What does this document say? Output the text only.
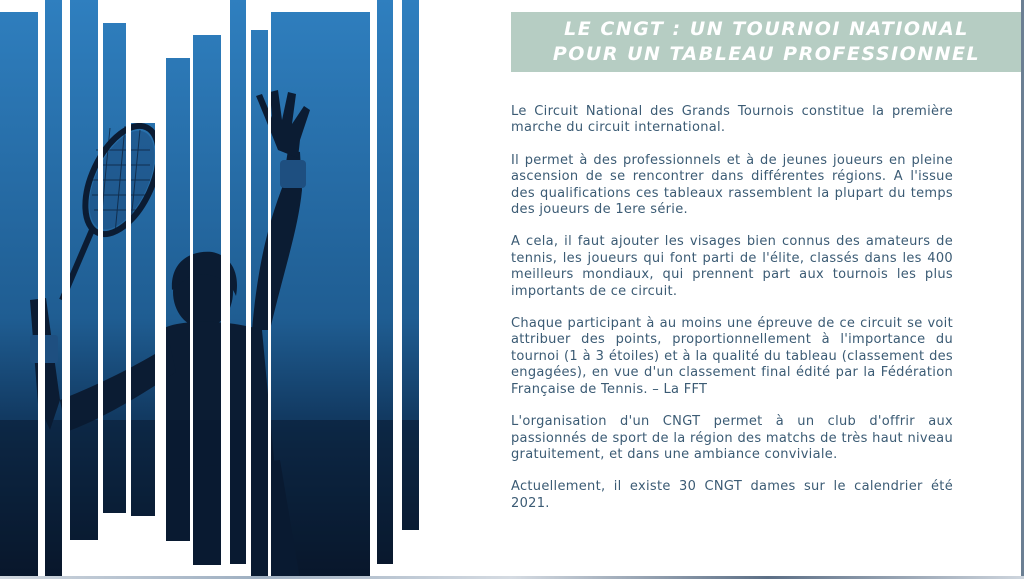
LE CNGT : UN TOURNOI NATIONAL
POUR UN TABLEAU PROFESSIONNEL

Le Circuit National des Grands Tournois constitue la première marche du circuit international.

Il permet à des professionnels et à de jeunes joueurs en pleine ascension de se rencontrer dans différentes régions. A l'issue des qualifications ces tableaux rassemblent la plupart du temps des joueurs de 1ere série.

A cela, il faut ajouter les visages bien connus des amateurs de tennis, les joueurs qui font parti de l'élite, classés dans les 400 meilleurs mondiaux, qui prennent part aux tournois les plus importants de ce circuit.

Chaque participant à au moins une épreuve de ce circuit se voit attribuer des points, proportionnellement à l'importance du tournoi (1 à 3 étoiles) et à la qualité du tableau (classement des engagées), en vue d'un classement final édité par la Fédération Française de Tennis. – La FFT

L'organisation d'un CNGT permet à un club d'offrir aux passionnés de sport de la région des matchs de très haut niveau gratuitement, et dans une ambiance conviviale.

Actuellement, il existe 30 CNGT dames sur le calendrier été 2021.
